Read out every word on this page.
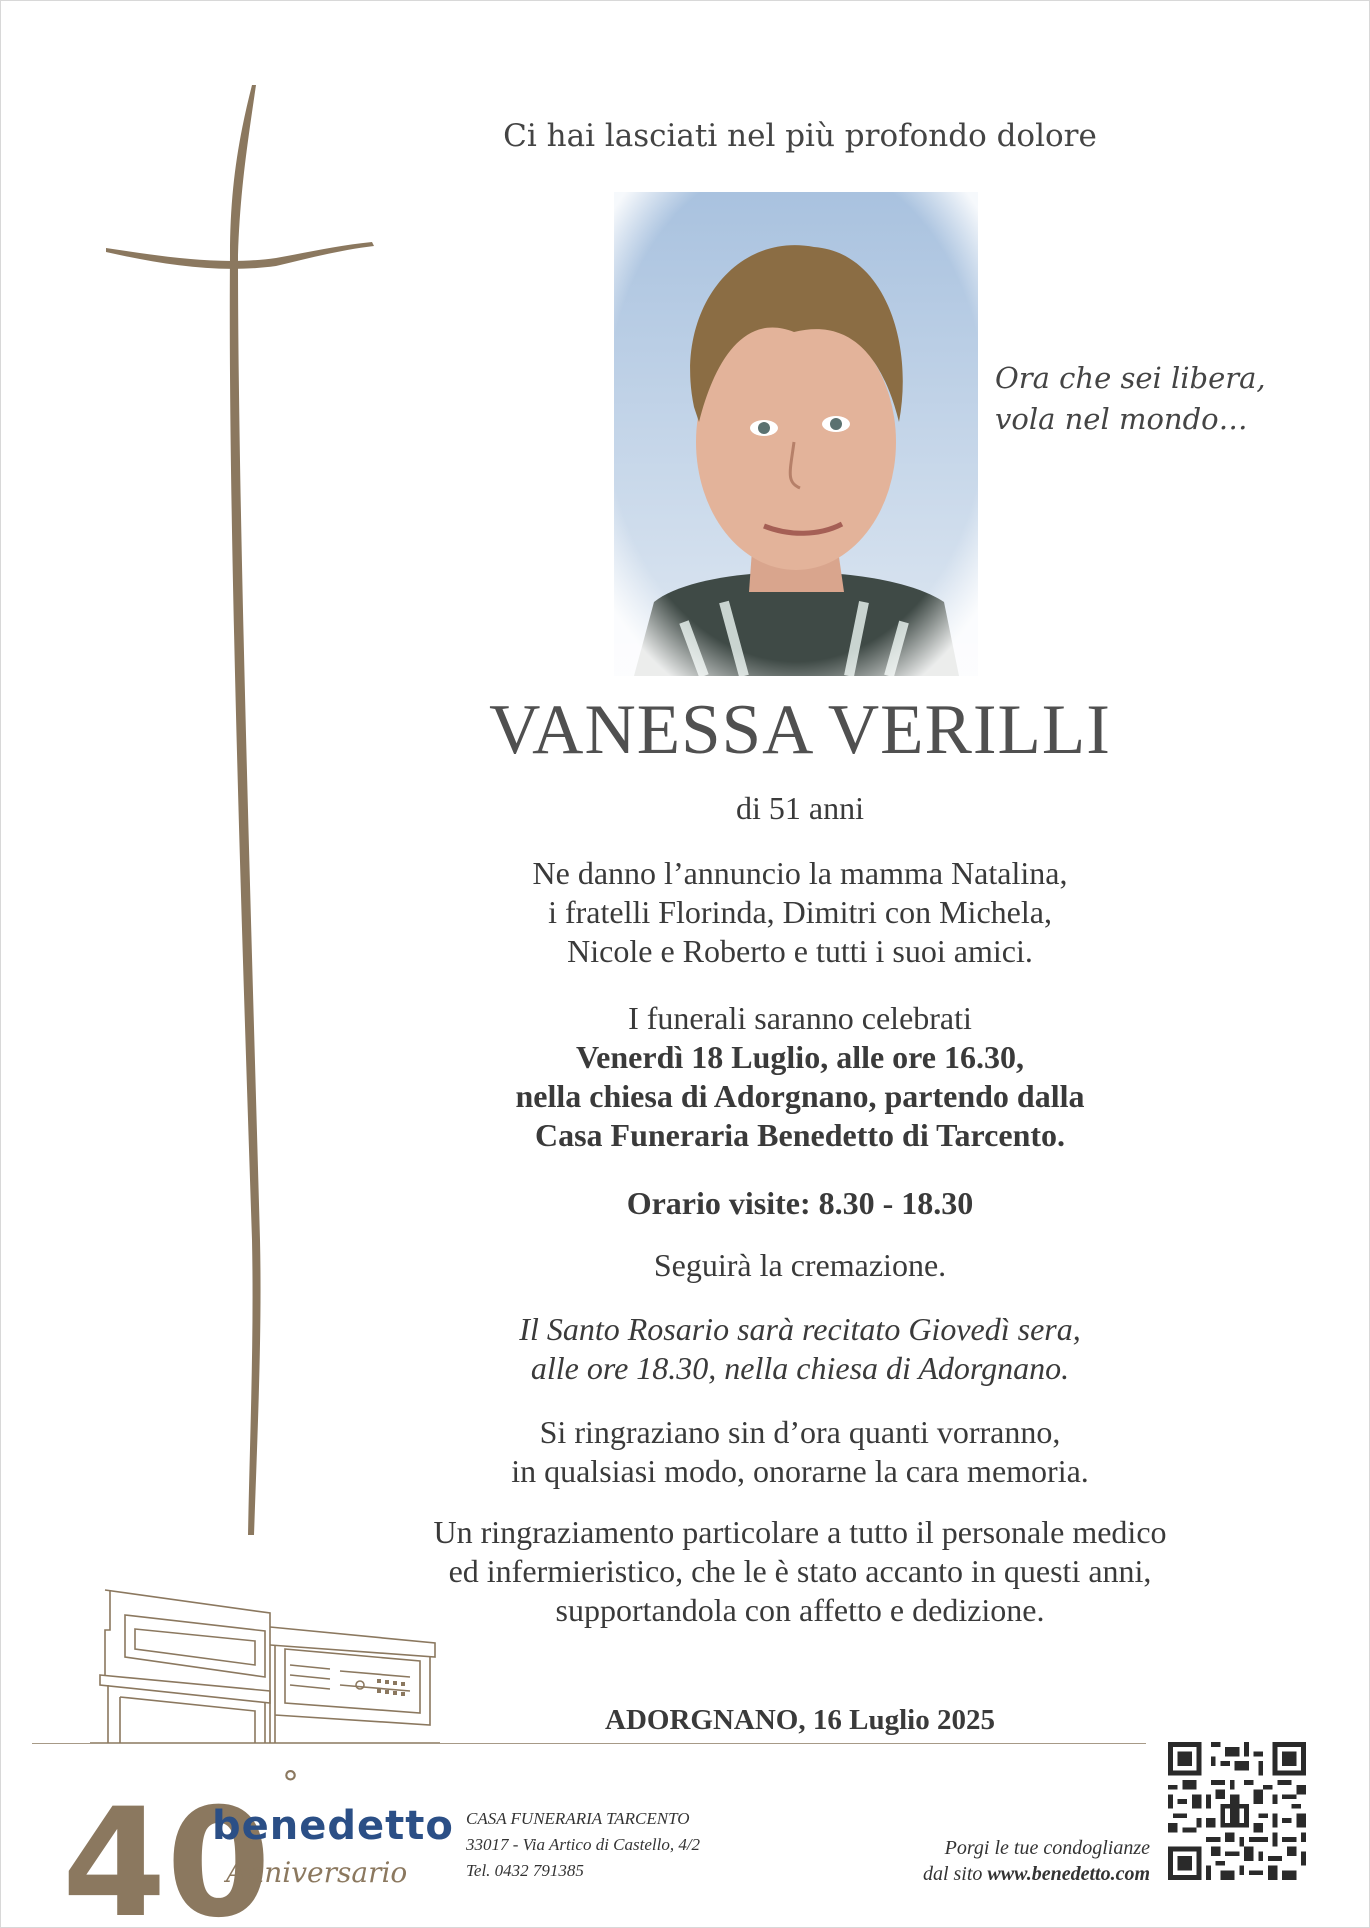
Ci hai lasciati nel più profondo dolore
Ora che sei libera,
vola nel mondo…
VANESSA VERILLI
di 51 anni
Ne danno l’annuncio la mamma Natalina,
i fratelli Florinda, Dimitri con Michela,
Nicole e Roberto e tutti i suoi amici.
I funerali saranno celebrati
Venerdì 18 Luglio, alle ore 16.30,
nella chiesa di Adorgnano, partendo dalla
Casa Funeraria Benedetto di Tarcento.
Orario visite: 8.30 - 18.30
Seguirà la cremazione.
Il Santo Rosario sarà recitato Giovedì sera,
alle ore 18.30, nella chiesa di Adorgnano.
Si ringraziano sin d’ora quanti vorranno,
in qualsiasi modo, onorarne la cara memoria.
Un ringraziamento particolare a tutto il personale medico
ed infermieristico, che le è stato accanto in questi anni,
supportandola con affetto e dedizione.
ADORGNANO, 16 Luglio 2025
40 °
benedetto
Anniversario
CASA FUNERARIA TARCENTO
33017 - Via Artico di Castello, 4/2
Tel. 0432 791385
Porgi le tue condoglianze
dal sito www.benedetto.com
